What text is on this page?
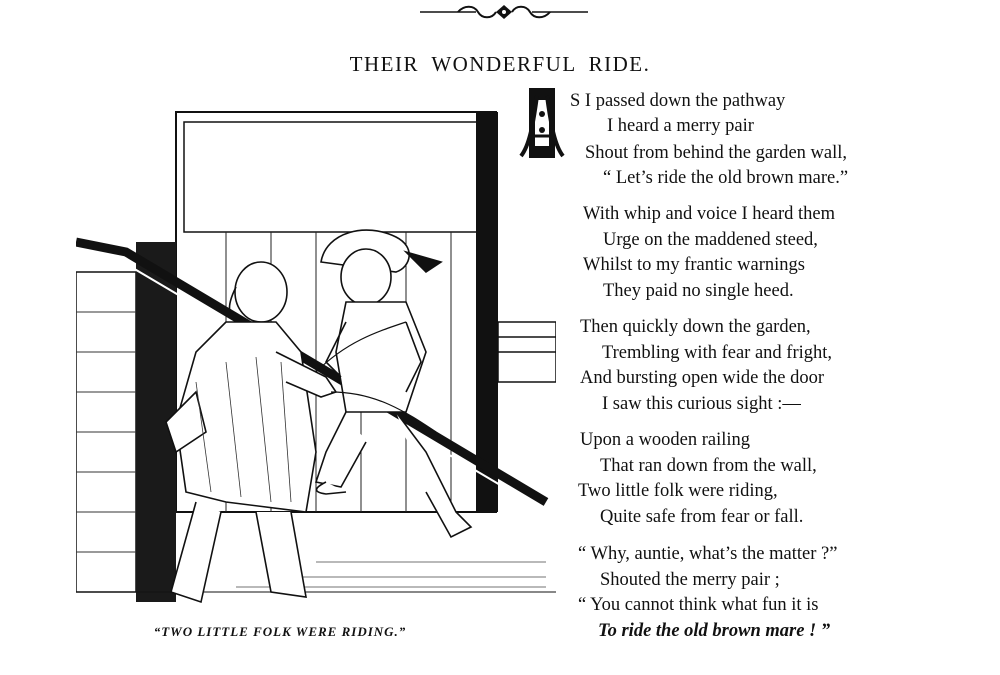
THEIR WONDERFUL RIDE.
“TWO LITTLE FOLK WERE RIDING.”
S I passed down the pathway
I heard a merry pair
Shout from behind the garden wall,
“ Let’s ride the old brown mare.”
With whip and voice I heard them
Urge on the maddened steed,
Whilst to my frantic warnings
They paid no single heed.
Then quickly down the garden,
Trembling with fear and fright,
And bursting open wide the door
I saw this curious sight :—
Upon a wooden railing
That ran down from the wall,
Two little folk were riding,
Quite safe from fear or fall.
“ Why, auntie, what’s the matter ?”
Shouted the merry pair ;
“ You cannot think what fun it is
To ride the old brown mare ! ”
